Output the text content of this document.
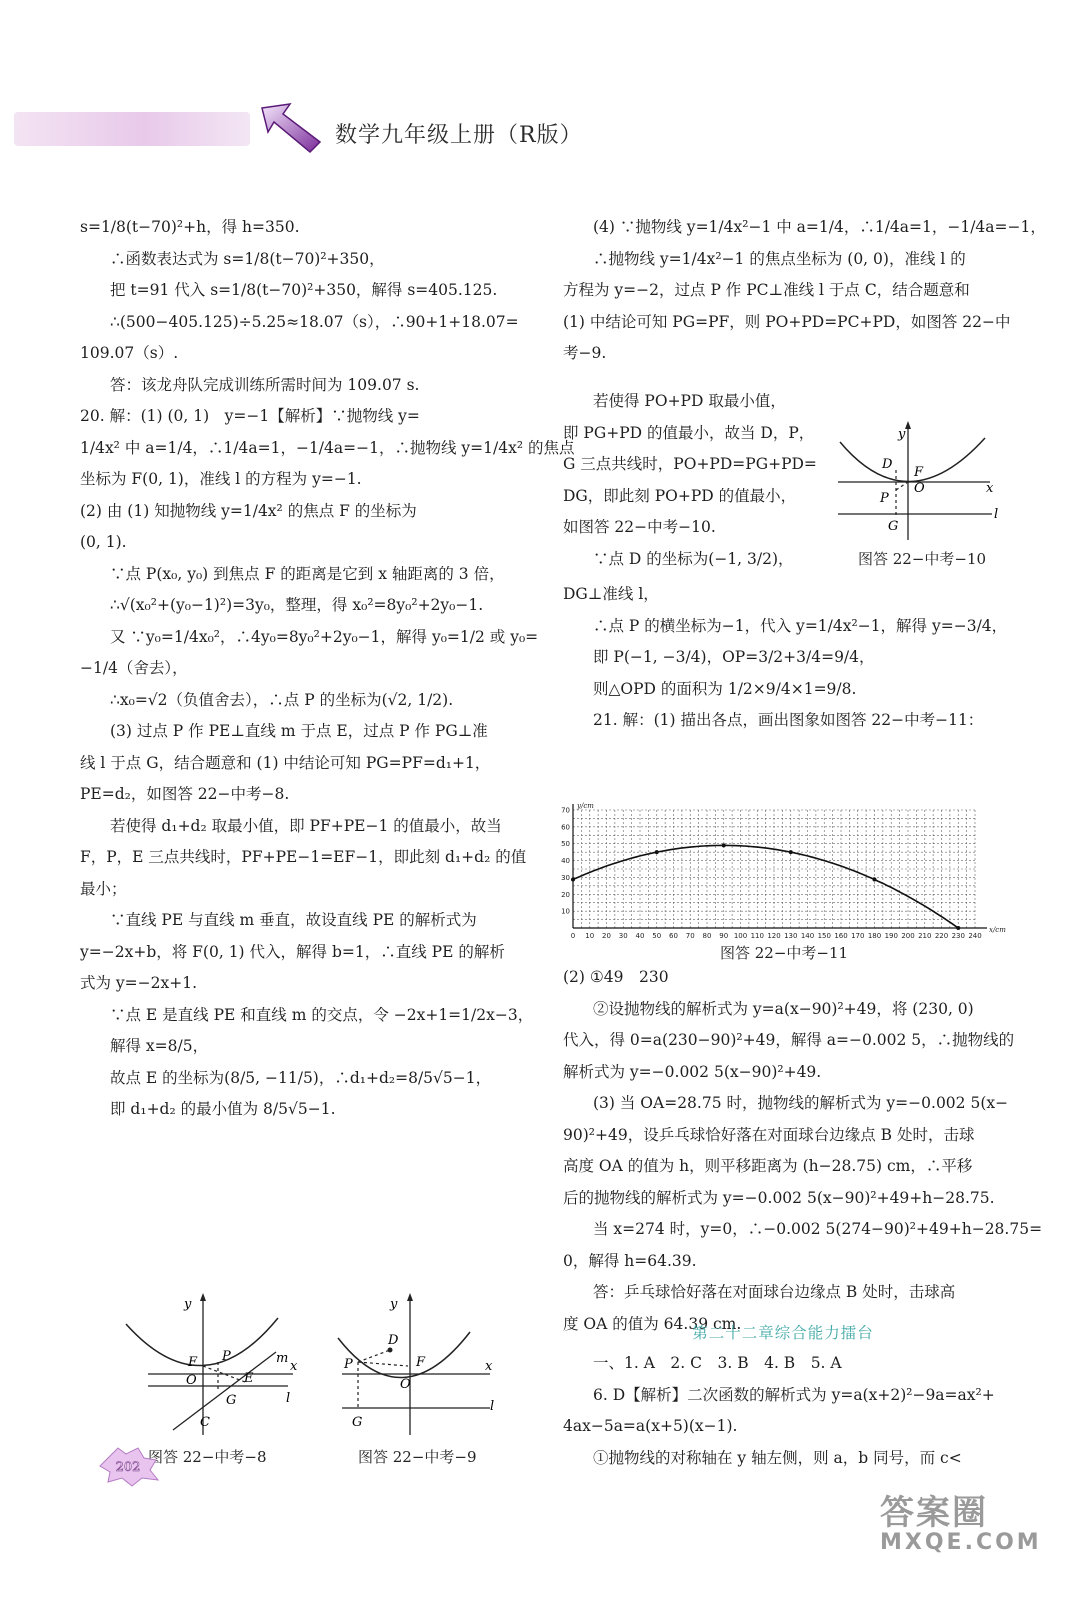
数学九年级上册（R版）

s=1/8(t−70)²+h，得 h=350.

∴函数表达式为 s=1/8(t−70)²+350，

把 t=91 代入 s=1/8(t−70)²+350，解得 s=405.125.

∴(500−405.125)÷5.25≈18.07（s），∴90+1+18.07=

109.07（s）.

答：该龙舟队完成训练所需时间为 109.07 s.

20. 解：(1) (0, 1)　y=−1【解析】∵抛物线 y=

1/4x² 中 a=1/4，∴1/4a=1，−1/4a=−1，∴抛物线 y=1/4x² 的焦点

坐标为 F(0, 1)，准线 l 的方程为 y=−1.

(2) 由 (1) 知抛物线 y=1/4x² 的焦点 F 的坐标为

(0, 1).

∵点 P(x₀, y₀) 到焦点 F 的距离是它到 x 轴距离的 3 倍，

∴√(x₀²+(y₀−1)²)=3y₀，整理，得 x₀²=8y₀²+2y₀−1.

又 ∵y₀=1/4x₀²，∴4y₀=8y₀²+2y₀−1，解得 y₀=1/2 或 y₀=

−1/4（舍去），

∴x₀=√2（负值舍去），∴点 P 的坐标为(√2, 1/2).

(3) 过点 P 作 PE⊥直线 m 于点 E，过点 P 作 PG⊥准

线 l 于点 G，结合题意和 (1) 中结论可知 PG=PF=d₁+1，

PE=d₂，如图答 22−中考−8.

若使得 d₁+d₂ 取最小值，即 PF+PE−1 的值最小，故当

F，P，E 三点共线时，PF+PE−1=EF−1，即此刻 d₁+d₂ 的值

最小；

∵直线 PE 与直线 m 垂直，故设直线 PE 的解析式为

y=−2x+b，将 F(0, 1) 代入，解得 b=1，∴直线 PE 的解析

式为 y=−2x+1.

∵点 E 是直线 PE 和直线 m 的交点，令 −2x+1=1/2x−3，

解得 x=8/5，

故点 E 的坐标为(8/5, −11/5)，∴d₁+d₂=8/5√5−1，

即 d₁+d₂ 的最小值为 8/5√5−1.

(4) ∵抛物线 y=1/4x²−1 中 a=1/4，∴1/4a=1，−1/4a=−1，

∴抛物线 y=1/4x²−1 的焦点坐标为 (0, 0)，准线 l 的

方程为 y=−2，过点 P 作 PC⊥准线 l 于点 C，结合题意和

(1) 中结论可知 PG=PF，则 PO+PD=PC+PD，如图答 22−中

考−9.

若使得 PO+PD 取最小值，

即 PG+PD 的值最小，故当 D，P，

G 三点共线时，PO+PD=PG+PD=

DG，即此刻 PO+PD 的值最小，

如图答 22−中考−10.

∵点 D 的坐标为(−1, 3/2)，

DG⊥准线 l，

∴点 P 的横坐标为−1，代入 y=1/4x²−1，解得 y=−3/4，

即 P(−1, −3/4)，OP=3/2+3/4=9/4，

则△OPD 的面积为 1/2×9/4×1=9/8.

21. 解：(1) 描出各点，画出图象如图答 22−中考−11：

(2) ①49　230

②设抛物线的解析式为 y=a(x−90)²+49，将 (230, 0)

代入，得 0=a(230−90)²+49，解得 a=−0.002 5，∴抛物线的

解析式为 y=−0.002 5(x−90)²+49.

(3) 当 OA=28.75 时，抛物线的解析式为 y=−0.002 5(x−

90)²+49，设乒乓球恰好落在对面球台边缘点 B 处时，击球

高度 OA 的值为 h，则平移距离为 (h−28.75) cm，∴平移

后的抛物线的解析式为 y=−0.002 5(x−90)²+49+h−28.75.

当 x=274 时，y=0，∴−0.002 5(274−90)²+49+h−28.75=

0，解得 h=64.39.

答：乒乓球恰好落在对面球台边缘点 B 处时，击球高

度 OA 的值为 64.39 cm.

第二十二章综合能力擂台

一、1. A　2. C　3. B　4. B　5. A

6. D【解析】二次函数的解析式为 y=a(x+2)²−9a=ax²+

4ax−5a=a(x+5)(x−1).

①抛物线的对称轴在 y 轴左侧，则 a，b 同号，而 c<

y
x
m
l
F P
O	E
G
C
图答 22−中考−8
y
D
P	F
O
x
l
G
图答 22−中考−9
y
D
F
P
O	x
G
l
图答 22−中考−10
0 10 20 30 40 50 60 70 80 90 100 110 120 130 140 150 160 170 180 190 200 210 220 230 240
10
20
30
40
50
60
70
y/cm
x/cm
图答 22−中考−11
202
答案圈
MXQE.COM
